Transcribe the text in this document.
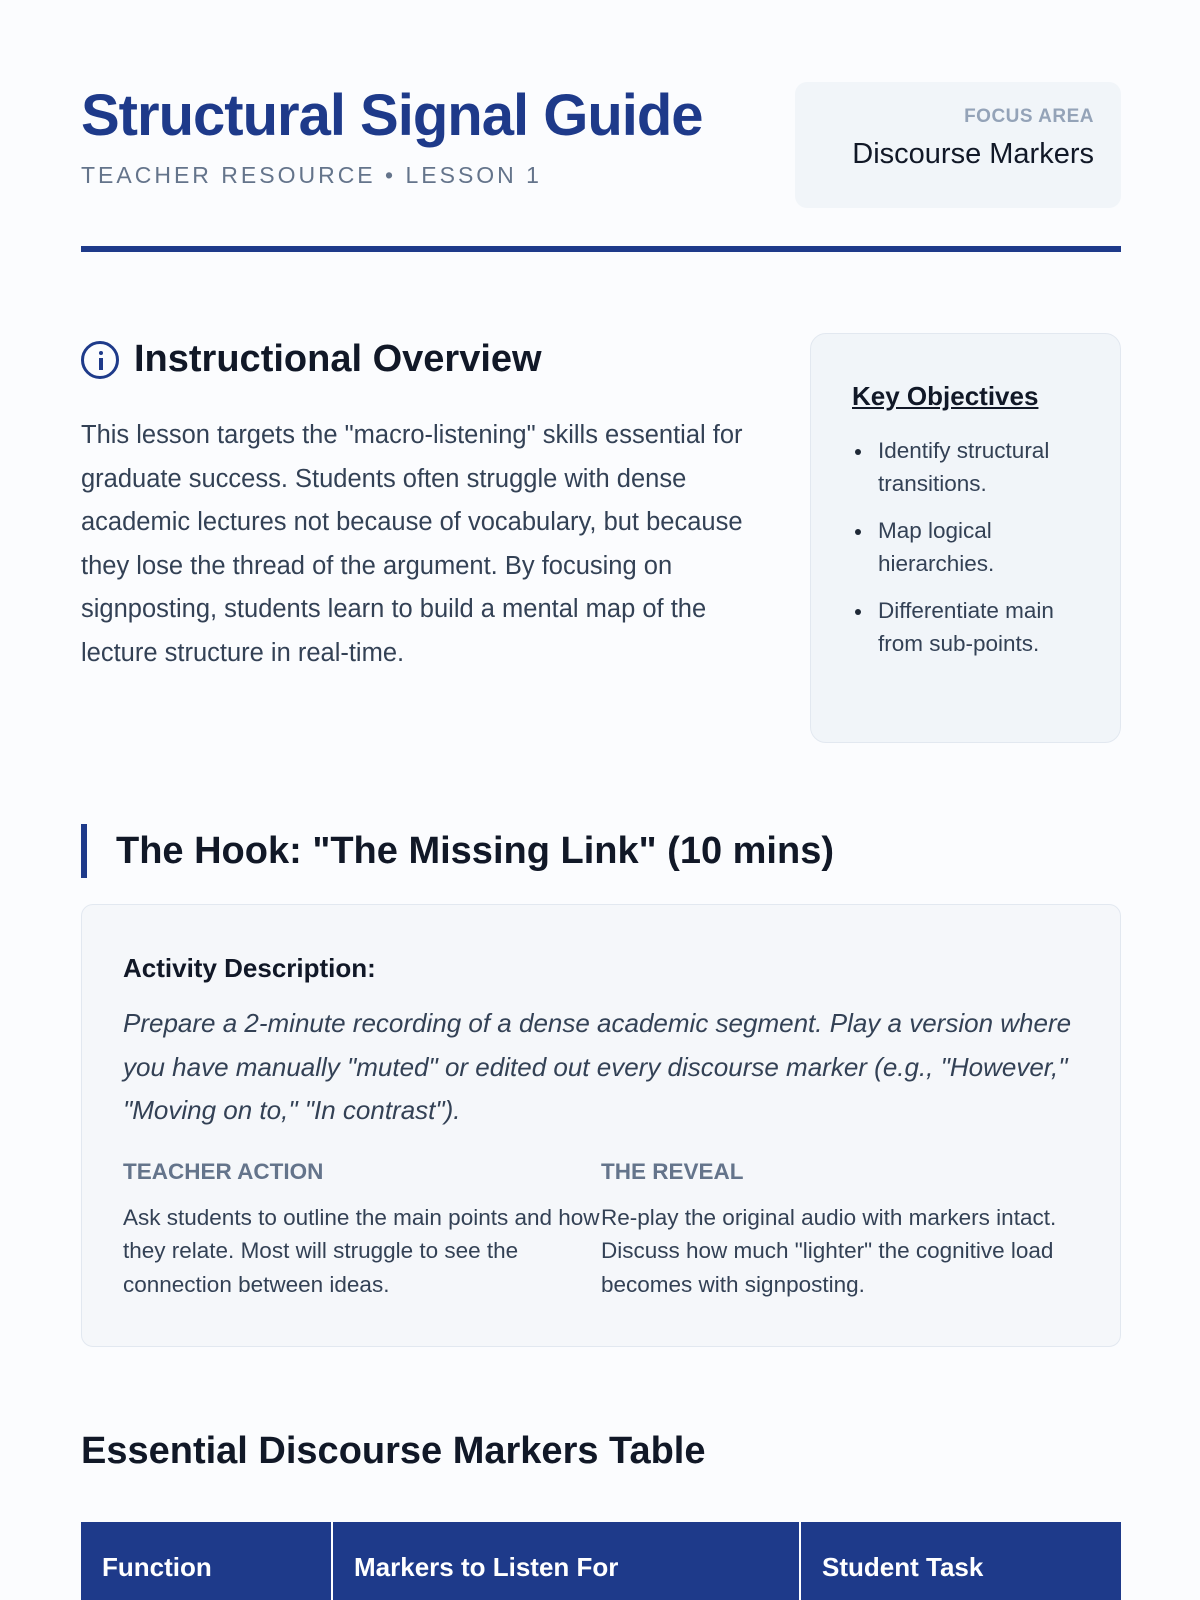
Structural Signal Guide
TEACHER RESOURCE • LESSON 1
FOCUS AREA
Discourse Markers
Instructional Overview

This lesson targets the "macro-listening" skills essential for graduate success. Students often struggle with dense academic lectures not because of vocabulary, but because they lose the thread of the argument. By focusing on signposting, students learn to build a mental map of the lecture structure in real-time.

Key Objectives
Identify structural transitions.
Map logical hierarchies.
Differentiate main from sub-points.
The Hook: "The Missing Link" (10 mins)
Activity Description:

Prepare a 2-minute recording of a dense academic segment. Play a version where you have manually "muted" or edited out every discourse marker (e.g., "However," "Moving on to," "In contrast").

TEACHER ACTION

Ask students to outline the main points and how they relate. Most will struggle to see the connection between ideas.

THE REVEAL

Re-play the original audio with markers intact. Discuss how much "lighter" the cognitive load becomes with signposting.

Essential Discourse Markers Table
Function	Markers to Listen For	Student Task
